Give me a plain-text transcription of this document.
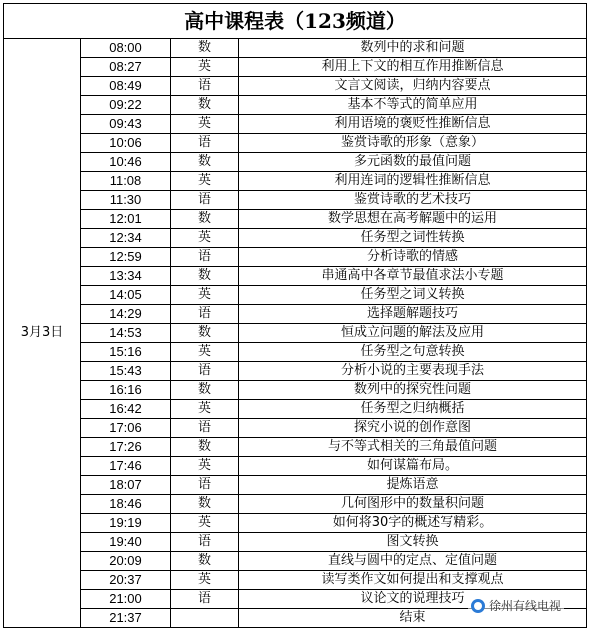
高中课程表（123频道）			
3月3日	08:00	数	数列中的求和问题
	08:27	英	利用上下文的相互作用推断信息
	08:49	语	文言文阅读，归纳内容要点
	09:22	数	基本不等式的简单应用
	09:43	英	利用语境的褒贬性推断信息
	10:06	语	鉴赏诗歌的形象（意象）
	10:46	数	多元函数的最值问题
	11:08	英	利用连词的逻辑性推断信息
	11:30	语	鉴赏诗歌的艺术技巧
	12:01	数	数学思想在高考解题中的运用
	12:34	英	任务型之词性转换
	12:59	语	分析诗歌的情感
	13:34	数	串通高中各章节最值求法小专题
	14:05	英	任务型之词义转换
	14:29	语	选择题解题技巧
	14:53	数	恒成立问题的解法及应用
	15:16	英	任务型之句意转换
	15:43	语	分析小说的主要表现手法
	16:16	数	数列中的探究性问题
	16:42	英	任务型之归纳概括
	17:06	语	探究小说的创作意图
	17:26	数	与不等式相关的三角最值问题
	17:46	英	如何谋篇布局。
	18:07	语	提炼语意
	18:46	数	几何图形中的数量积问题
	19:19	英	如何将30字的概述写精彩。
	19:40	语	图文转换
	20:09	数	直线与圆中的定点、定值问题
	20:37	英	读写类作文如何提出和支撑观点
	21:00	语	议论文的说理技巧
	21:37		结束
徐州有线电视
